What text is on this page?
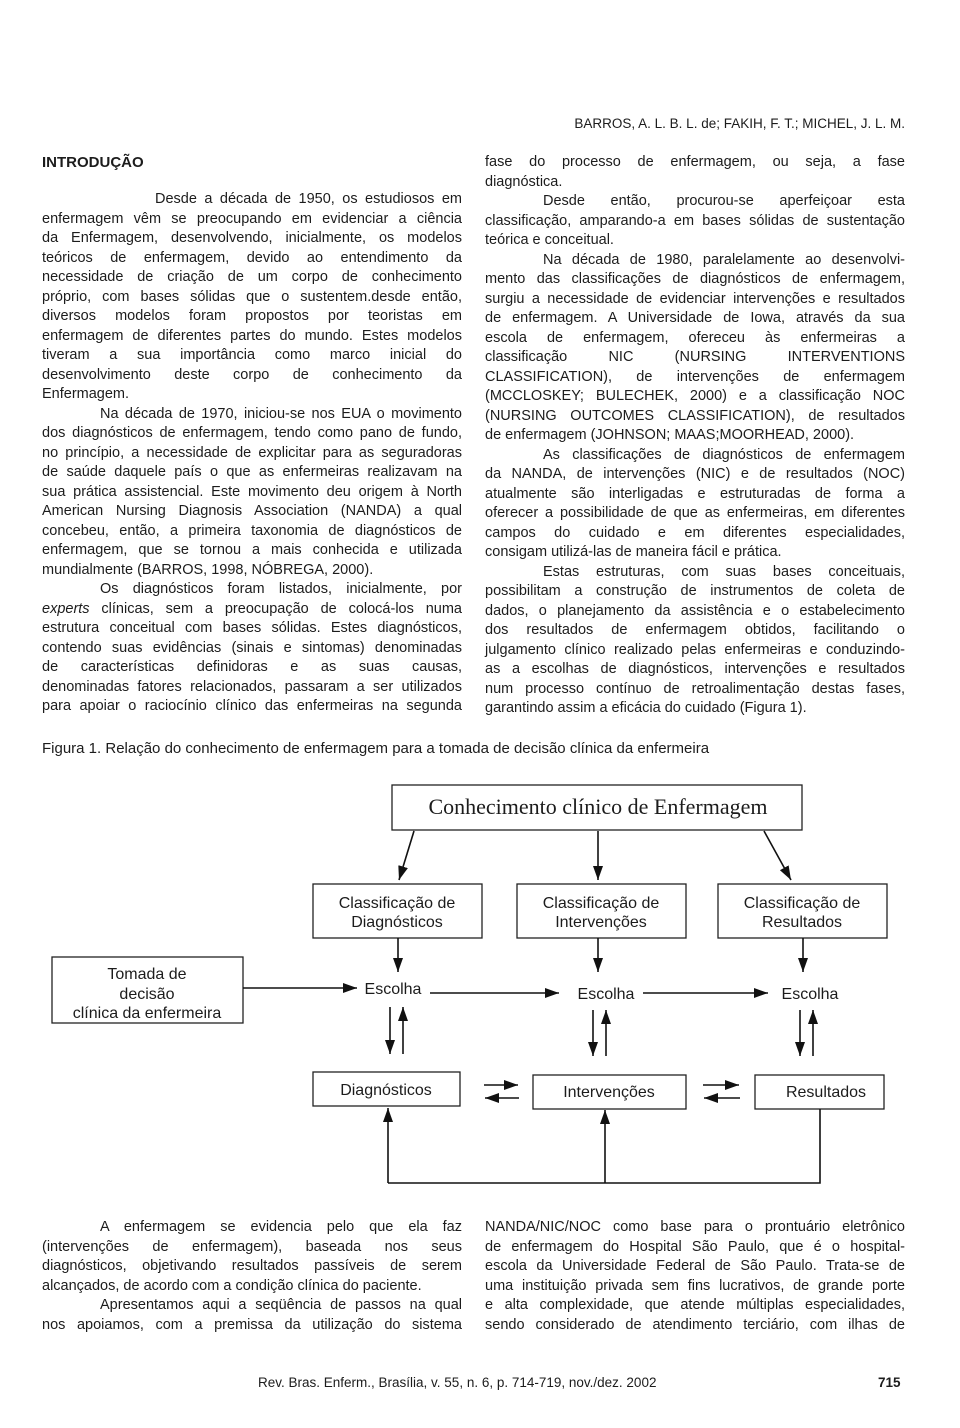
BARROS, A. L. B. L. de; FAKIH, F. T.; MICHEL, J. L. M.
INTRODUÇÃO
Desde a década de 1950, os estudiosos em
enfermagem vêm se preocupando em evidenciar a ciência
da Enfermagem, desenvolvendo, inicialmente, os modelos
teóricos de enfermagem, devido ao entendimento da
necessidade de criação de um corpo de conhecimento
próprio, com bases sólidas que o sustentem.desde então,
diversos modelos foram propostos por teoristas em
enfermagem de diferentes partes do mundo. Estes modelos
tiveram a sua importância como marco inicial do
desenvolvimento deste corpo de conhecimento da
Enfermagem.
Na década de 1970, iniciou-se nos EUA o movimento
dos diagnósticos de enfermagem, tendo como pano de fundo,
no princípio, a necessidade de explicitar para as seguradoras
de saúde daquele país o que as enfermeiras realizavam na
sua prática assistencial. Este movimento deu origem à North
American Nursing Diagnosis Association (NANDA) a qual
concebeu, então, a primeira taxonomia de diagnósticos de
enfermagem, que se tornou a mais conhecida e utilizada
mundialmente (BARROS, 1998, NÓBREGA, 2000).
Os diagnósticos foram listados, inicialmente, por
experts clínicas, sem a preocupação de colocá-los numa
estrutura conceitual com bases sólidas. Estes diagnósticos,
contendo suas evidências (sinais e sintomas) denominadas
de características definidoras e as suas causas,
denominadas fatores relacionados, passaram a ser utilizados
para apoiar o raciocínio clínico das enfermeiras na segunda
fase do processo de enfermagem, ou seja, a fase
diagnóstica.
Desde então, procurou-se aperfeiçoar esta
classificação, amparando-a em bases sólidas de sustentação
teórica e conceitual.
Na década de 1980, paralelamente ao desenvolvi-
mento das classificações de diagnósticos de enfermagem,
surgiu a necessidade de evidenciar intervenções e resultados
de enfermagem. A Universidade de Iowa, através da sua
escola de enfermagem, ofereceu às enfermeiras a
classificação NIC (NURSING INTERVENTIONS
CLASSIFICATION), de intervenções de enfermagem
(MCCLOSKEY; BULECHEK, 2000) e a classificação NOC
(NURSING OUTCOMES CLASSIFICATION), de resultados
de enfermagem (JOHNSON; MAAS;MOORHEAD, 2000).
As classificações de diagnósticos de enfermagem
da NANDA, de intervenções (NIC) e de resultados (NOC)
atualmente são interligadas e estruturadas de forma a
oferecer a possibilidade de que as enfermeiras, em diferentes
campos do cuidado e em diferentes especialidades,
consigam utilizá-las de maneira fácil e prática.
Estas estruturas, com suas bases conceituais,
possibilitam a construção de instrumentos de coleta de
dados, o planejamento da assistência e o estabelecimento
dos resultados de enfermagem obtidos, facilitando o
julgamento clínico realizado pelas enfermeiras e conduzindo-
as a escolhas de diagnósticos, intervenções e resultados
num processo contínuo de retroalimentação destas fases,
garantindo assim a eficácia do cuidado (Figura 1).
Figura 1. Relação do conhecimento de enfermagem para a tomada de decisão clínica da enfermeira
Conhecimento clínico de Enfermagem
Classificação de
Diagnósticos
Classificação de
Intervenções
Classificação de
Resultados
Tomada de
decisão
clínica da enfermeira
Escolha	Escolha	Escolha
Diagnósticos	Intervenções	Resultados
A enfermagem se evidencia pelo que ela faz
(intervenções de enfermagem), baseada nos seus
diagnósticos, objetivando resultados passíveis de serem
alcançados, de acordo com a condição clínica do paciente.
Apresentamos aqui a seqüência de passos na qual
nos apoiamos, com a premissa da utilização do sistema
NANDA/NIC/NOC como base para o prontuário eletrônico
de enfermagem do Hospital São Paulo, que é o hospital-
escola da Universidade Federal de São Paulo. Trata-se de
uma instituição privada sem fins lucrativos, de grande porte
e alta complexidade, que atende múltiplas especialidades,
sendo considerado de atendimento terciário, com ilhas de
Rev. Bras. Enferm., Brasília, v. 55, n. 6, p. 714-719, nov./dez. 2002	715
